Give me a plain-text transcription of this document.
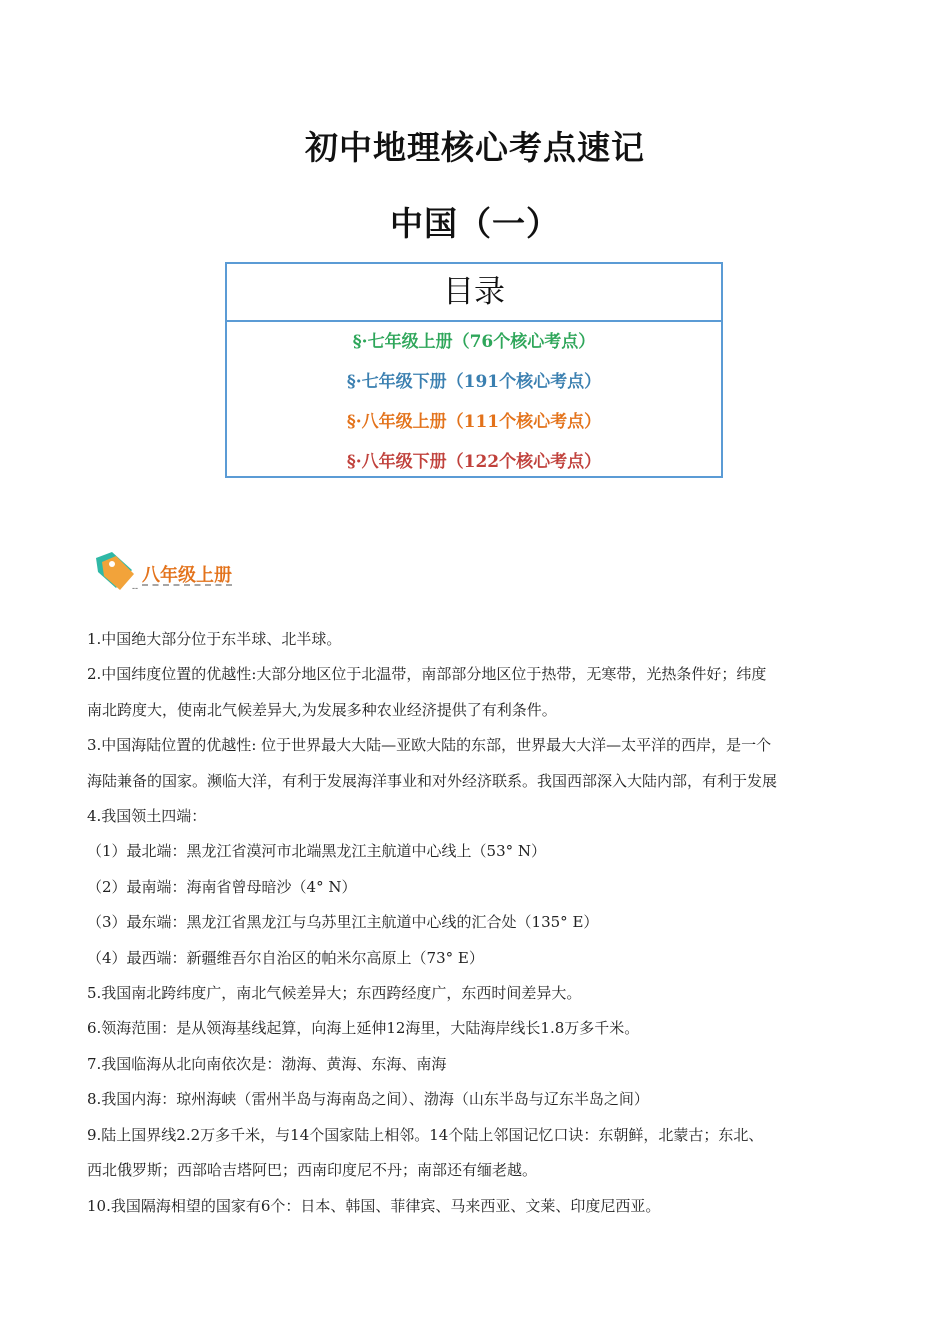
初中地理核心考点速记
中国（一）
目录
§·七年级上册（76个核心考点）
§·七年级下册（191个核心考点）
§·八年级上册（111个核心考点）
§·八年级下册（122个核心考点）
八年级上册
--

1.中国绝大部分位于东半球、北半球。

2.中国纬度位置的优越性:大部分地区位于北温带，南部部分地区位于热带，无寒带，光热条件好；纬度

南北跨度大，使南北气候差异大,为发展多种农业经济提供了有利条件。

3.中国海陆位置的优越性: 位于世界最大大陆—亚欧大陆的东部，世界最大大洋—太平洋的西岸，是一个

海陆兼备的国家。濒临大洋，有利于发展海洋事业和对外经济联系。我国西部深入大陆内部，有利于发展

4.我国领土四端：

（1）最北端：黑龙江省漠河市北端黑龙江主航道中心线上（53° N）

（2）最南端：海南省曾母暗沙（4° N）

（3）最东端：黑龙江省黑龙江与乌苏里江主航道中心线的汇合处（135° E）

（4）最西端：新疆维吾尔自治区的帕米尔高原上（73° E）

5.我国南北跨纬度广，南北气候差异大；东西跨经度广，东西时间差异大。

6.领海范围：是从领海基线起算，向海上延伸12海里，大陆海岸线长1.8万多千米。

7.我国临海从北向南依次是：渤海、黄海、东海、南海

8.我国内海：琼州海峡（雷州半岛与海南岛之间）、渤海（山东半岛与辽东半岛之间）

9.陆上国界线2.2万多千米，与14个国家陆上相邻。14个陆上邻国记忆口诀：东朝鲜，北蒙古；东北、

西北俄罗斯；西部哈吉塔阿巴；西南印度尼不丹；南部还有缅老越。

10.我国隔海相望的国家有6个：日本、韩国、菲律宾、马来西亚、文莱、印度尼西亚。
